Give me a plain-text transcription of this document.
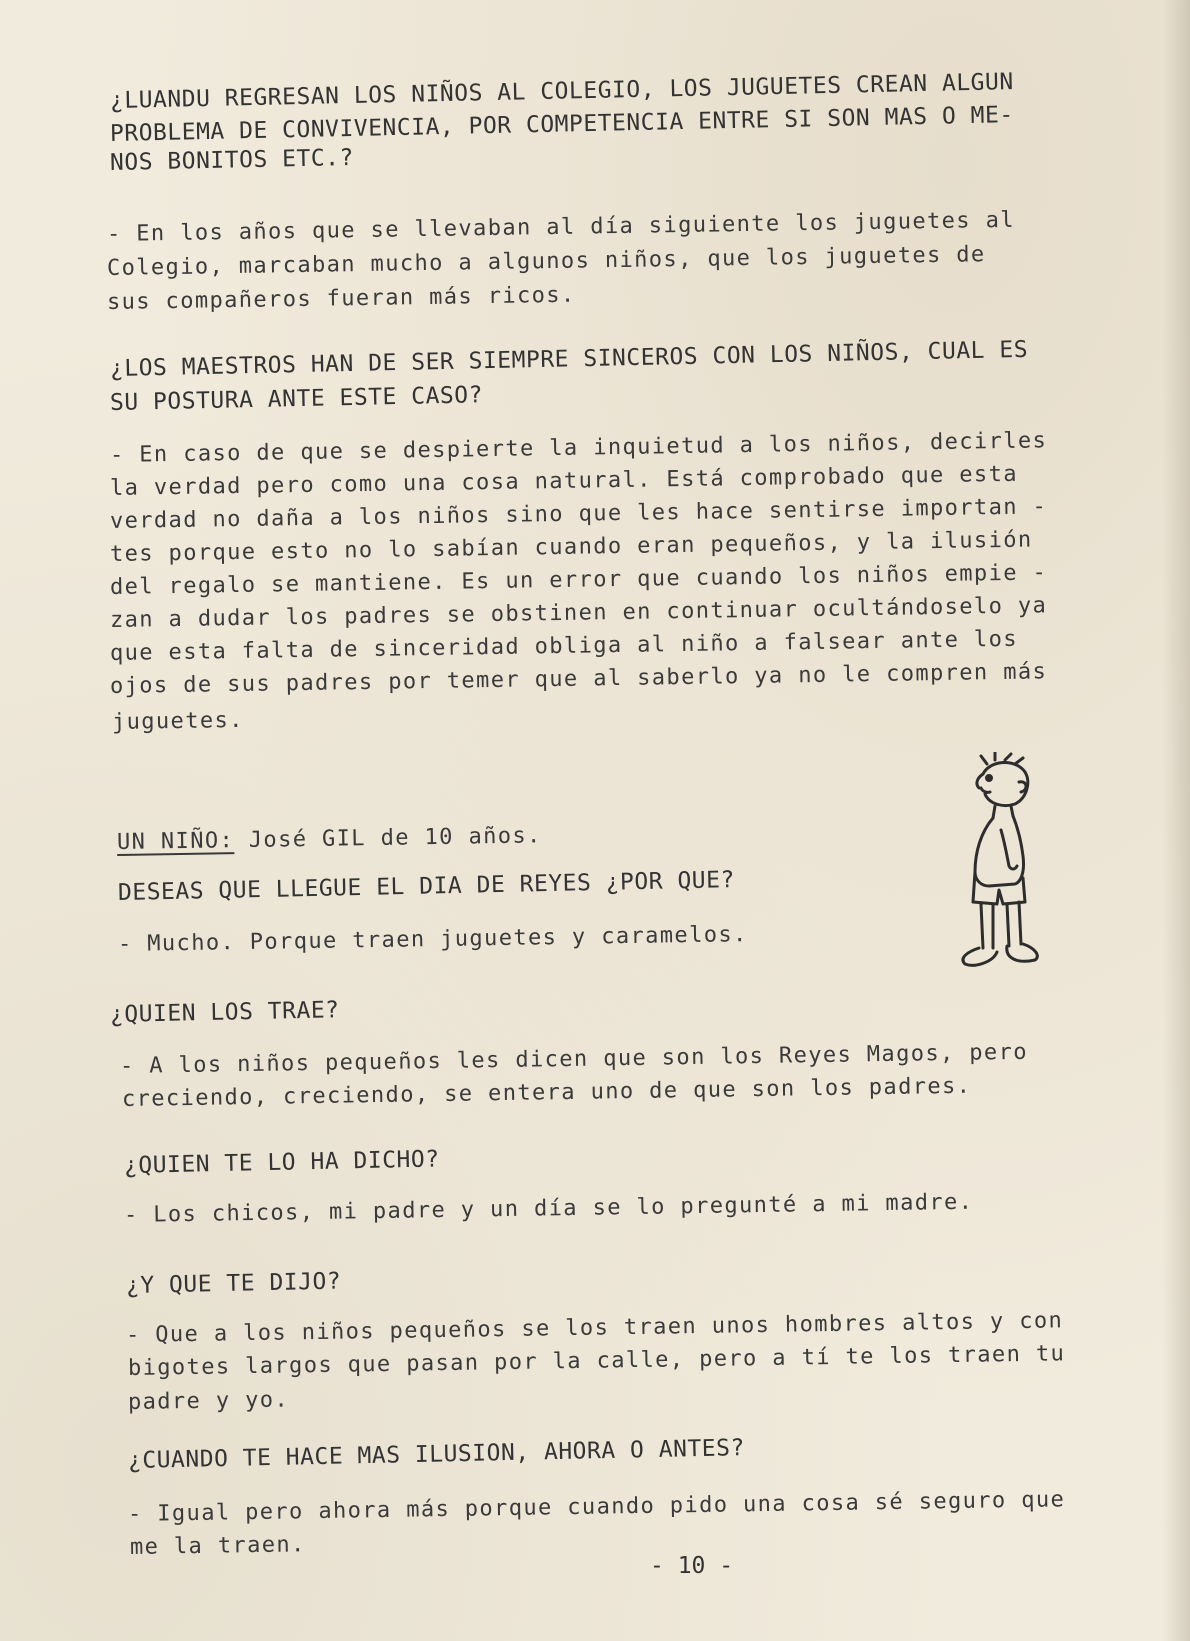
¿LUANDU REGRESAN LOS NIÑOS AL COLEGIO, LOS JUGUETES CREAN ALGUN
PROBLEMA DE CONVIVENCIA, POR COMPETENCIA ENTRE SI SON MAS O ME-
NOS BONITOS ETC.?
- En los años que se llevaban al día siguiente los juguetes al
Colegio, marcaban mucho a algunos niños, que los juguetes de
sus compañeros fueran más ricos.
¿LOS MAESTROS HAN DE SER SIEMPRE SINCEROS CON LOS NIÑOS, CUAL ES
SU POSTURA ANTE ESTE CASO?
- En caso de que se despierte la inquietud a los niños, decirles
la verdad pero como una cosa natural. Está comprobado que esta
verdad no daña a los niños sino que les hace sentirse importan -
tes porque esto no lo sabían cuando eran pequeños, y la ilusión
del regalo se mantiene. Es un error que cuando los niños empie -
zan a dudar los padres se obstinen en continuar ocultándoselo ya
que esta falta de sinceridad obliga al niño a falsear ante los
ojos de sus padres por temer que al saberlo ya no le compren más
juguetes.
UN NIÑO: José GIL de 10 años.
DESEAS QUE LLEGUE EL DIA DE REYES ¿POR QUE?
- Mucho. Porque traen juguetes y caramelos.
¿QUIEN LOS TRAE?
- A los niños pequeños les dicen que son los Reyes Magos, pero
creciendo, creciendo, se entera uno de que son los padres.
¿QUIEN TE LO HA DICHO?
- Los chicos, mi padre y un día se lo pregunté a mi madre.
¿Y QUE TE DIJO?
- Que a los niños pequeños se los traen unos hombres altos y con
bigotes largos que pasan por la calle, pero a tí te los traen tu
padre y yo.
¿CUANDO TE HACE MAS ILUSION, AHORA O ANTES?
- Igual pero ahora más porque cuando pido una cosa sé seguro que
me la traen.
- 10 -
